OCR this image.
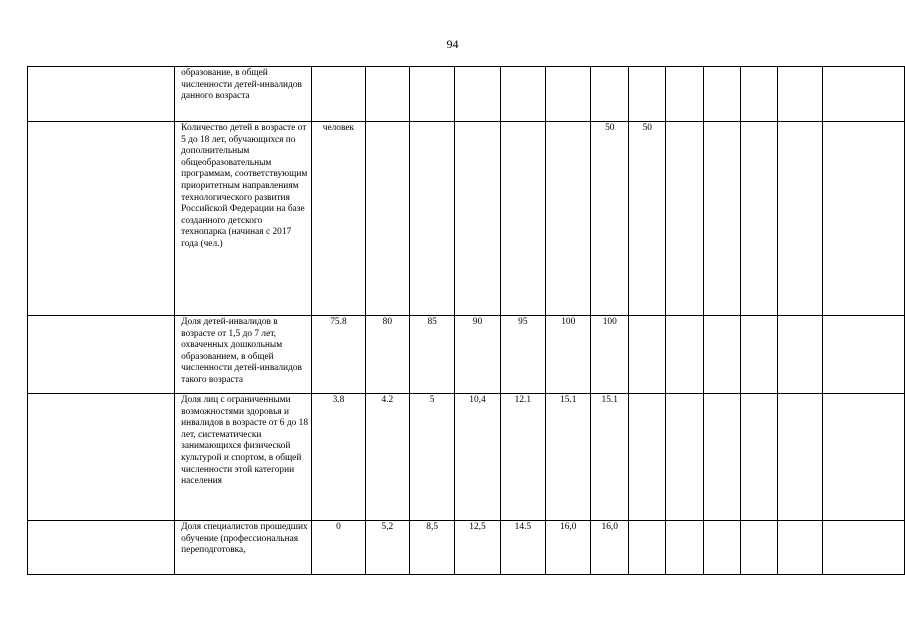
94
	образование, в общей численности детей-инвалидов данного возраста													
	Количество детей в возрасте от 5 до 18 лет, обучающихся по дополнительным общеобразовательным программам, соответствующим приоритетным направлениям технологического развития Российской Федерации на базе созданного детского технопарка (начиная с 2017 года (чел.)	человек						50	50					
	Доля детей-инвалидов в возрасте от 1,5 до 7 лет, охваченных дошкольным образованием, в общей численности детей-инвалидов такого возраста	75.8	80	85	90	95	100	100						
	Доля лиц с ограниченными возможностями здоровья и инвалидов в возрасте от 6 до 18 лет, систематически занимающихся физической культурой и спортом, в общей численности этой категории населения	3.8	4.2	5	10,4	12.1	15.1	15.1						
	Доля специалистов прошедших обучение (профессиональная переподготовка,	0	5,2	8,5	12,5	14.5	16,0	16,0						
